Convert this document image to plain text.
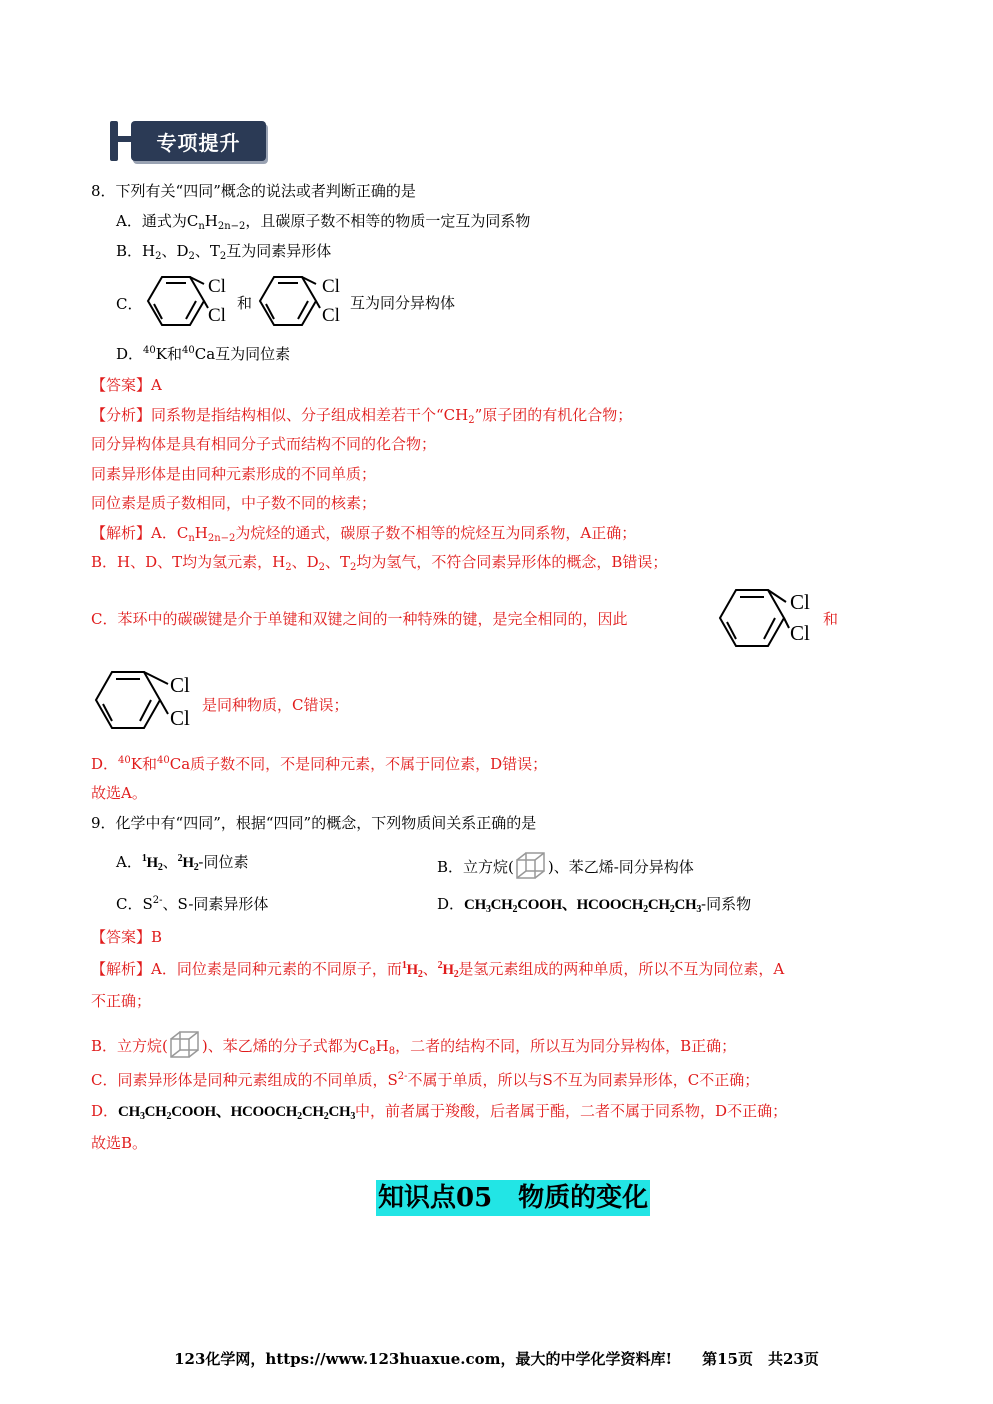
专项提升
8．下列有关“四同”概念的说法或者判断正确的是
A．通式为$C_nH_{2n-2}$，且碳原子数不相等的物质一定互为同系物
B．$H_2$、$D_2$、$T_2$互为同素异形体
C．
Cl
Cl
和
Cl
Cl
互为同分异构体
D．$^{40}$K和$^{40}$Ca互为同位素
【答案】A
【分析】同系物是指结构相似、分子组成相差若干个“$CH_2$”原子团的有机化合物；
同分异构体是具有相同分子式而结构不同的化合物；
同素异形体是由同种元素形成的不同单质；
同位素是质子数相同，中子数不同的核素；
【解析】A．$C_nH_{2n-2}$为烷烃的通式，碳原子数不相等的烷烃互为同系物，A正确；
B．H、D、T均为氢元素，$H_2$、$D_2$、$T_2$均为氢气，不符合同素异形体的概念，B错误；
C．苯环中的碳碳键是介于单键和双键之间的一种特殊的键，是完全相同的，因此
Cl
Cl
和
Cl
Cl
是同种物质，C错误；
D．$^{40}$K和$^{40}$Ca质子数不同，不是同种元素，不属于同位素，D错误；
故选A。
9．化学中有“四同”，根据“四同”的概念，下列物质间关系正确的是
A．$^1H_2$、$^2H_2-$同位素	B．立方烷( )、苯乙烯-同分异构体
C．$S^{2-}$、S-同素异形体	D．$CH_3CH_2COOH$、$HCOOCH_2CH_2CH_3-$同系物
【答案】B
【解析】A．同位素是同种元素的不同原子，而$^1H_2$、$^2H_2$是氢元素组成的两种单质，所以不互为同位素，A
不正确；
B．立方烷( )、苯乙烯的分子式都为$C_8H_8$，二者的结构不同，所以互为同分异构体，B正确；
C．同素异形体是同种元素组成的不同单质，$S^{2-}$不属于单质，所以与S不互为同素异形体，C不正确；
D．$CH_3CH_2COOH$、$HCOOCH_2CH_2CH_3$中，前者属于羧酸，后者属于酯，二者不属于同系物，D不正确；
故选B。
知识点05　物质的变化
123化学网，https://www.123huaxue.com，最大的中学化学资料库!　　第15页　共23页
